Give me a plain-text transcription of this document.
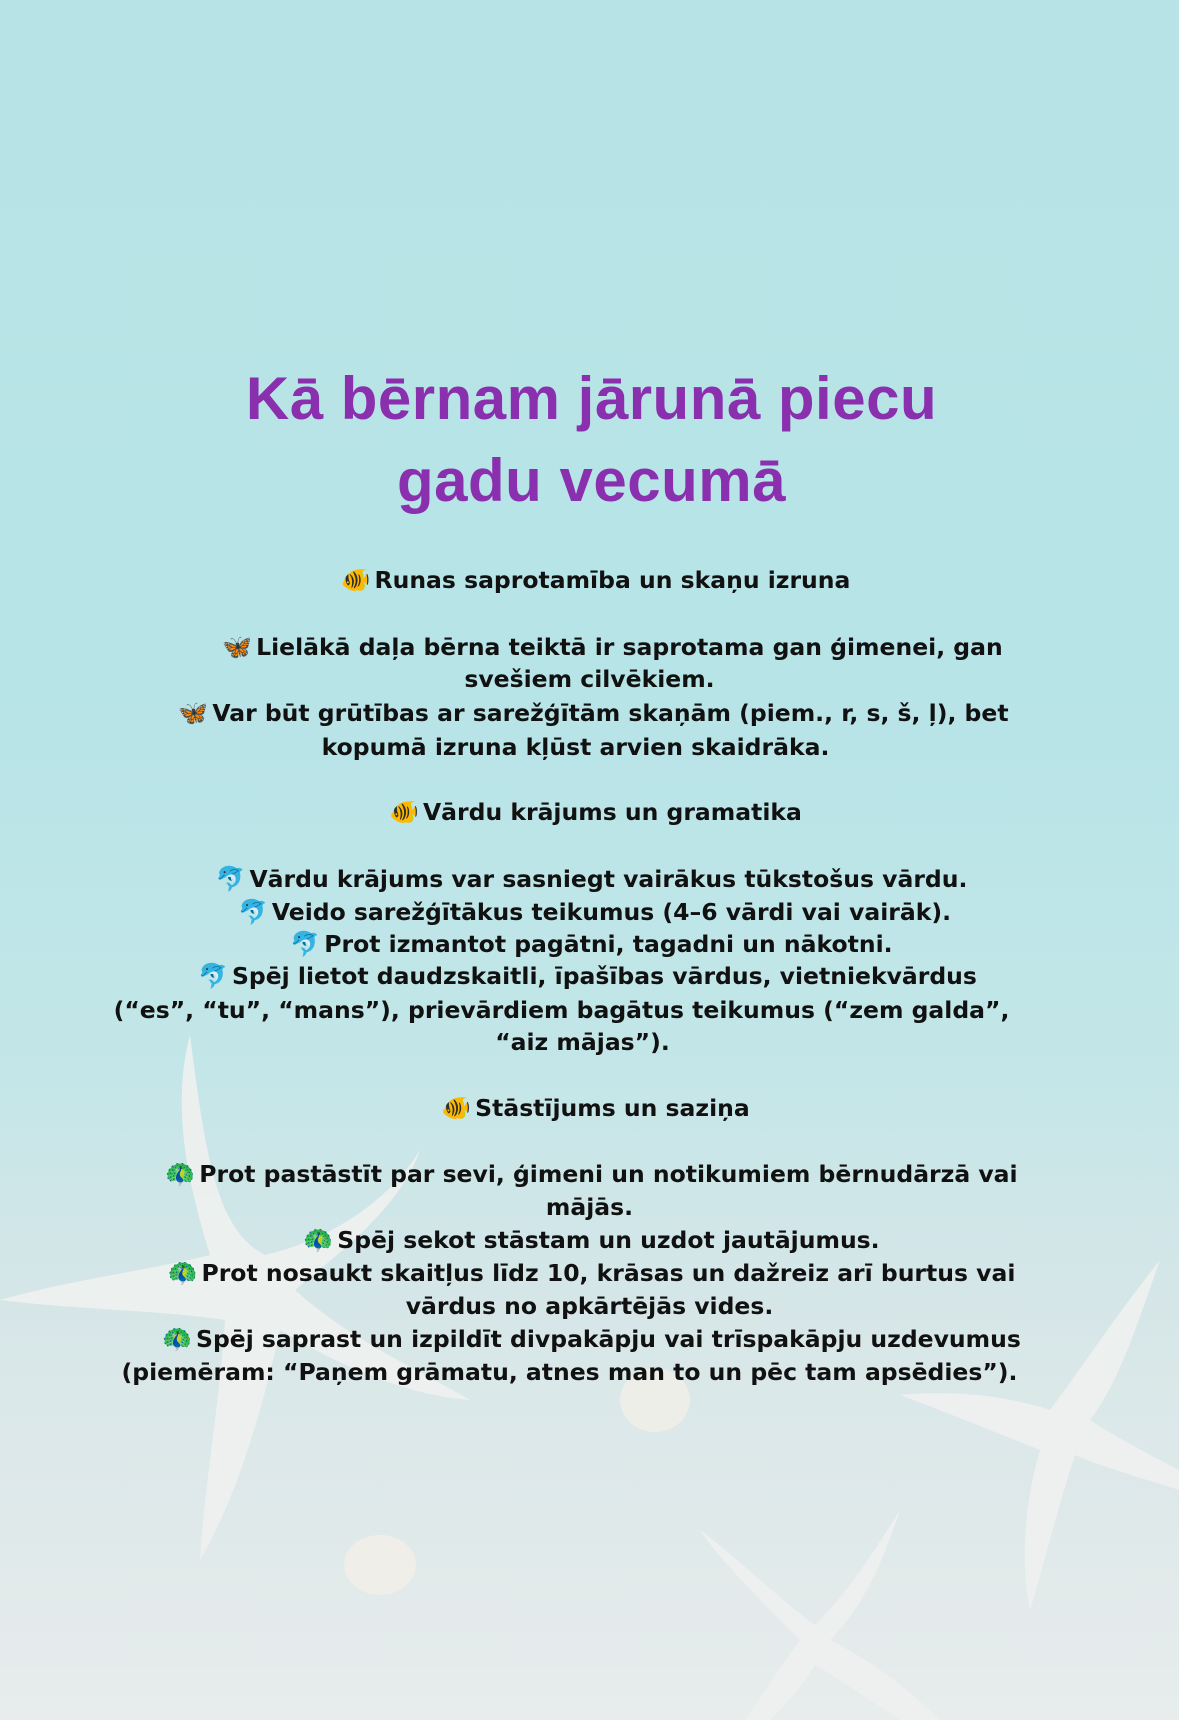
Kā bērnam jārunā piecu
gadu vecumā
🐠 Runas saprotamība un skaņu izruna
🦋 Lielākā daļa bērna teiktā ir saprotama gan ģimenei, gan
svešiem cilvēkiem.
🦋 Var būt grūtības ar sarežģītām skaņām (piem., r, s, š, ļ), bet
kopumā izruna kļūst arvien skaidrāka.
🐠 Vārdu krājums un gramatika
🐬 Vārdu krājums var sasniegt vairākus tūkstošus vārdu.
🐬 Veido sarežģītākus teikumus (4–6 vārdi vai vairāk).
🐬 Prot izmantot pagātni, tagadni un nākotni.
🐬 Spēj lietot daudzskaitli, īpašības vārdus, vietniekvārdus
(“es”, “tu”, “mans”), prievārdiem bagātus teikumus (“zem galda”,
“aiz mājas”).
🐠 Stāstījums un saziņa
🦚 Prot pastāstīt par sevi, ģimeni un notikumiem bērnudārzā vai
mājās.
🦚 Spēj sekot stāstam un uzdot jautājumus.
🦚 Prot nosaukt skaitļus līdz 10, krāsas un dažreiz arī burtus vai
vārdus no apkārtējās vides.
🦚 Spēj saprast un izpildīt divpakāpju vai trīspakāpju uzdevumus
(piemēram: “Paņem grāmatu, atnes man to un pēc tam apsēdies”).
